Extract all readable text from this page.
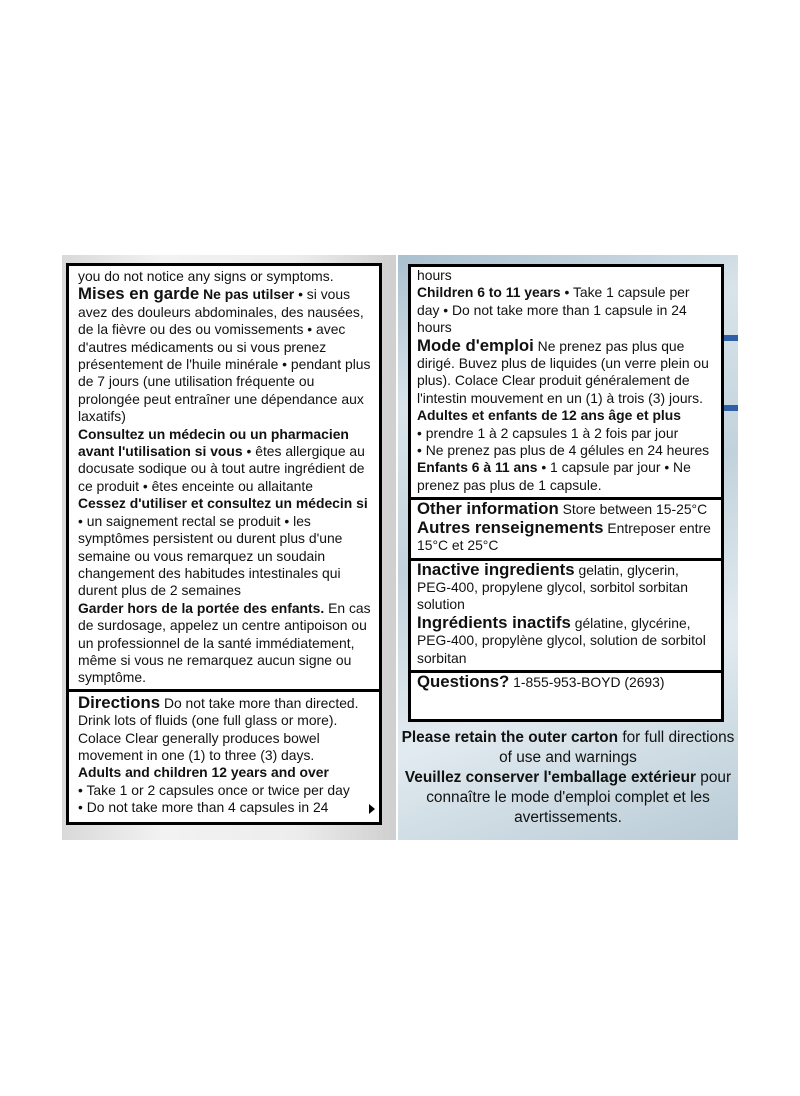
you do not notice any signs or symptoms.
Mises en garde Ne pas utilser • si vous avez des douleurs abdominales, des nausées, de la fièvre ou des ou vomissements • avec d'autres médicaments ou si vous prenez présentement de l'huile minérale • pendant plus de 7 jours (une utilisation fréquente ou prolongée peut entraîner une dépendance aux laxatifs)
Consultez un médecin ou un pharmacien avant l'utilisation si vous • êtes allergique au docusate sodique ou à tout autre ingrédient de ce produit • êtes enceinte ou allaitante
Cessez d'utiliser et consultez un médecin si • un saignement rectal se produit • les symptômes persistent ou durent plus d'une semaine ou vous remarquez un soudain changement des habitudes intestinales qui durent plus de 2 semaines
Garder hors de la portée des enfants. En cas de surdosage, appelez un centre antipoison ou un professionnel de la santé immédiatement, même si vous ne remarquez aucun signe ou symptôme.
Directions Do not take more than directed. Drink lots of fluids (one full glass or more). Colace Clear generally produces bowel movement in one (1) to three (3) days.
Adults and children 12 years and over
• Take 1 or 2 capsules once or twice per day
• Do not take more than 4 capsules in 24
hours
Children 6 to 11 years • Take 1 capsule per day • Do not take more than 1 capsule in 24 hours
Mode d'emploi Ne prenez pas plus que dirigé. Buvez plus de liquides (un verre plein ou plus). Colace Clear produit généralement de l'intestin mouvement en un (1) à trois (3) jours.
Adultes et enfants de 12 ans âge et plus
• prendre 1 à 2 capsules 1 à 2 fois par jour
• Ne prenez pas plus de 4 gélules en 24 heures
Enfants 6 à 11 ans • 1 capsule par jour • Ne prenez pas plus de 1 capsule.
Other information Store between 15-25°C
Autres renseignements Entreposer entre 15°C et 25°C
Inactive ingredients gelatin, glycerin, PEG-400, propylene glycol, sorbitol sorbitan solution
Ingrédients inactifs gélatine, glycérine, PEG-400, propylène glycol, solution de sorbitol sorbitan
Questions? 1-855-953-BOYD (2693)
Please retain the outer carton for full directions of use and warnings
Veuillez conserver l'emballage extérieur pour connaître le mode d'emploi complet et les avertissements.
